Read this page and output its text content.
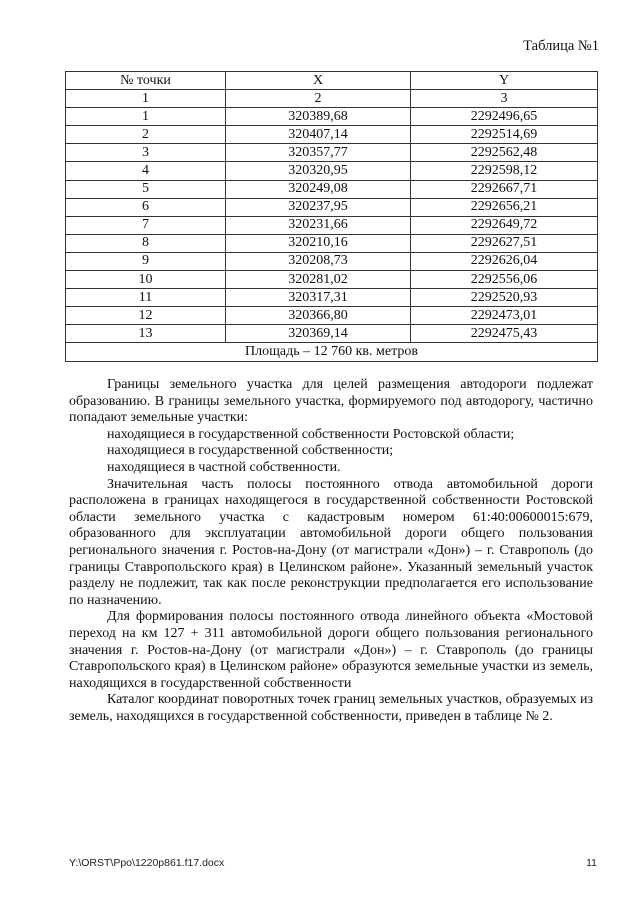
Таблица №1
№ точки	X	Y
1	2	3
1	320389,68	2292496,65
2	320407,14	2292514,69
3	320357,77	2292562,48
4	320320,95	2292598,12
5	320249,08	2292667,71
6	320237,95	2292656,21
7	320231,66	2292649,72
8	320210,16	2292627,51
9	320208,73	2292626,04
10	320281,02	2292556,06
11	320317,31	2292520,93
12	320366,80	2292473,01
13	320369,14	2292475,43
Площадь – 12 760 кв. метров		

Границы земельного участка для целей размещения автодороги подлежат образованию. В границы земельного участка, формируемого под автодорогу, частично попадают земельные участки:

находящиеся в государственной собственности Ростовской области;

находящиеся в государственной собственности;

находящиеся в частной собственности.

Значительная часть полосы постоянного отвода автомобильной дороги расположена в границах находящегося в государственной собственности Ростовской области земельного участка с кадастровым номером 61:40:00600015:679, образованного для эксплуатации автомобильной дороги общего пользования регионального значения г. Ростов-на-Дону (от магистрали «Дон») – г. Ставрополь (до границы Ставропольского края) в Целинском районе». Указанный земельный участок разделу не подлежит, так как после реконструкции предполагается его использование по назначению.

Для формирования полосы постоянного отвода линейного объекта «Мостовой переход на км 127 + 311 автомобильной дороги общего пользования регионального значения г. Ростов-на-Дону (от магистрали «Дон») – г. Ставрополь (до границы Ставропольского края) в Целинском районе» образуются земельные участки из земель, находящихся в государственной собственности

Каталог координат поворотных точек границ земельных участков, образуемых из земель, находящихся в государственной собственности, приведен в таблице № 2.

Y:\ORST\Ppo\1220p861.f17.docx	11
